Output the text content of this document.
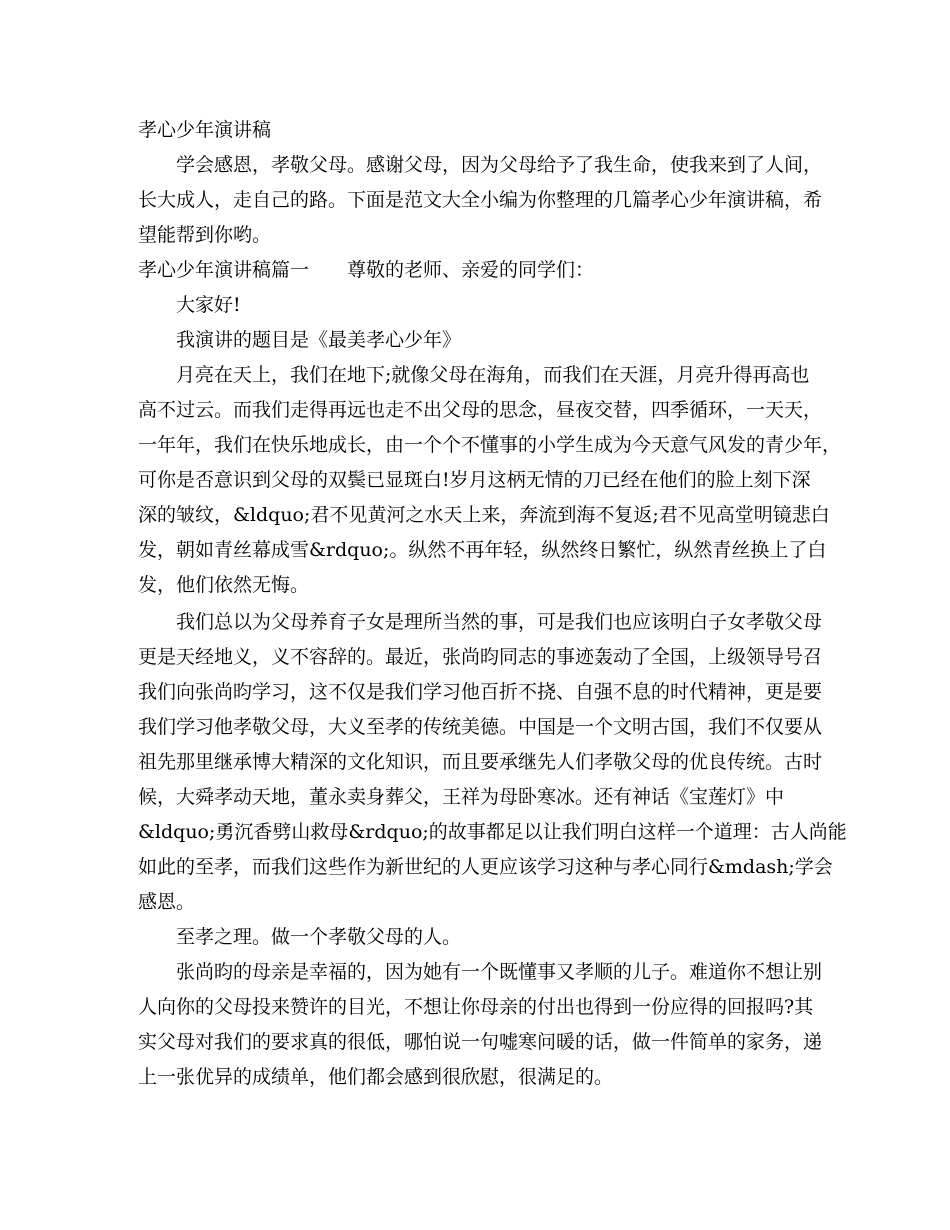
孝心少年演讲稿
学会感恩，孝敬父母。感谢父母，因为父母给予了我生命，使我来到了人间，
长大成人，走自己的路。下面是范文大全小编为你整理的几篇孝心少年演讲稿，希
望能帮到你哟。
孝心少年演讲稿篇一	尊敬的老师、亲爱的同学们：
大家好!
我演讲的题目是《最美孝心少年》
月亮在天上，我们在地下;就像父母在海角，而我们在天涯，月亮升得再高也
高不过云。而我们走得再远也走不出父母的思念，昼夜交替，四季循环，一天天，
一年年，我们在快乐地成长，由一个个不懂事的小学生成为今天意气风发的青少年，
可你是否意识到父母的双鬓已显斑白!岁月这柄无情的刀已经在他们的脸上刻下深
深的皱纹，&ldquo;君不见黄河之水天上来，奔流到海不复返;君不见高堂明镜悲白
发，朝如青丝幕成雪&rdquo;。纵然不再年轻，纵然终日繁忙，纵然青丝换上了白
发，他们依然无悔。
我们总以为父母养育子女是理所当然的事，可是我们也应该明白子女孝敬父母
更是天经地义，义不容辞的。最近，张尚昀同志的事迹轰动了全国，上级领导号召
我们向张尚昀学习，这不仅是我们学习他百折不挠、自强不息的时代精神，更是要
我们学习他孝敬父母，大义至孝的传统美德。中国是一个文明古国，我们不仅要从
祖先那里继承博大精深的文化知识，而且要承继先人们孝敬父母的优良传统。古时
候，大舜孝动天地，董永卖身葬父，王祥为母卧寒冰。还有神话《宝莲灯》中
&ldquo;勇沉香劈山救母&rdquo;的故事都足以让我们明白这样一个道理：古人尚能
如此的至孝，而我们这些作为新世纪的人更应该学习这种与孝心同行&mdash;学会
感恩。
至孝之理。做一个孝敬父母的人。
张尚昀的母亲是幸福的，因为她有一个既懂事又孝顺的儿子。难道你不想让别
人向你的父母投来赞许的目光，不想让你母亲的付出也得到一份应得的回报吗?其
实父母对我们的要求真的很低，哪怕说一句嘘寒问暖的话，做一件简单的家务，递
上一张优异的成绩单，他们都会感到很欣慰，很满足的。
